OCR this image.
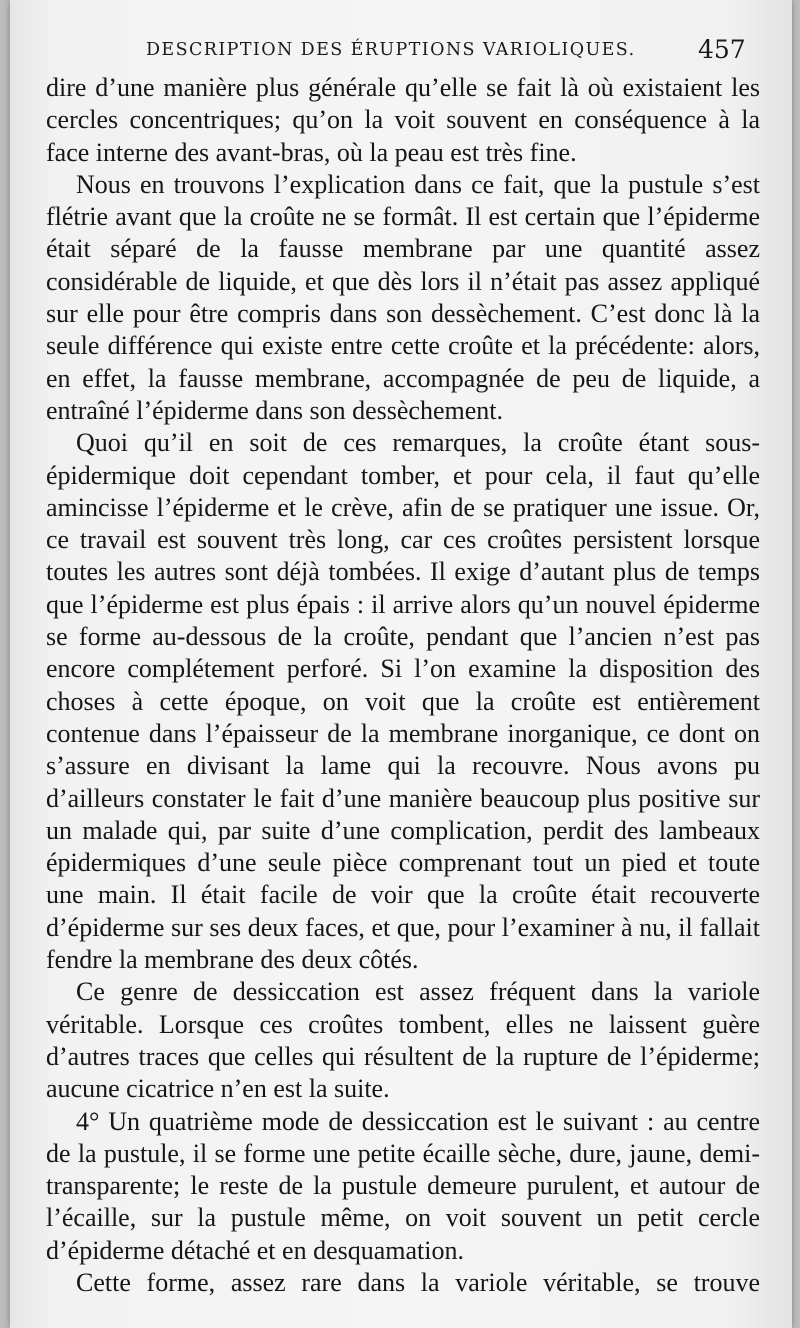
DESCRIPTION DES ÉRUPTIONS VARIOLIQUES. 457

dire d’une manière plus générale qu’elle se fait là où existaient les cercles concentriques; qu’on la voit souvent en conséquence à la face interne des avant-bras, où la peau est très fine.

Nous en trouvons l’explication dans ce fait, que la pustule s’est flétrie avant que la croûte ne se formât. Il est certain que l’épiderme était séparé de la fausse membrane par une quantité assez considérable de liquide, et que dès lors il n’était pas assez appliqué sur elle pour être compris dans son dessèchement. C’est donc là la seule différence qui existe entre cette croûte et la précédente: alors, en effet, la fausse membrane, accompagnée de peu de liquide, a entraîné l’épiderme dans son dessèchement.

Quoi qu’il en soit de ces remarques, la croûte étant sous-épidermique doit cependant tomber, et pour cela, il faut qu’elle amincisse l’épiderme et le crève, afin de se pratiquer une issue. Or, ce travail est souvent très long, car ces croûtes persistent lorsque toutes les autres sont déjà tombées. Il exige d’autant plus de temps que l’épiderme est plus épais : il arrive alors qu’un nouvel épiderme se forme au-dessous de la croûte, pendant que l’ancien n’est pas encore complétement perforé. Si l’on examine la disposition des choses à cette époque, on voit que la croûte est entièrement contenue dans l’épaisseur de la membrane inorganique, ce dont on s’assure en divisant la lame qui la recouvre. Nous avons pu d’ailleurs constater le fait d’une manière beaucoup plus positive sur un malade qui, par suite d’une complication, perdit des lambeaux épidermiques d’une seule pièce comprenant tout un pied et toute une main. Il était facile de voir que la croûte était recouverte d’épiderme sur ses deux faces, et que, pour l’examiner à nu, il fallait fendre la membrane des deux côtés.

Ce genre de dessiccation est assez fréquent dans la variole véritable. Lorsque ces croûtes tombent, elles ne laissent guère d’autres traces que celles qui résultent de la rupture de l’épiderme; aucune cicatrice n’en est la suite.

4° Un quatrième mode de dessiccation est le suivant : au centre de la pustule, il se forme une petite écaille sèche, dure, jaune, demi-transparente; le reste de la pustule demeure purulent, et autour de l’écaille, sur la pustule même, on voit souvent un petit cercle d’épiderme détaché et en desquamation.

Cette forme, assez rare dans la variole véritable, se trouve
